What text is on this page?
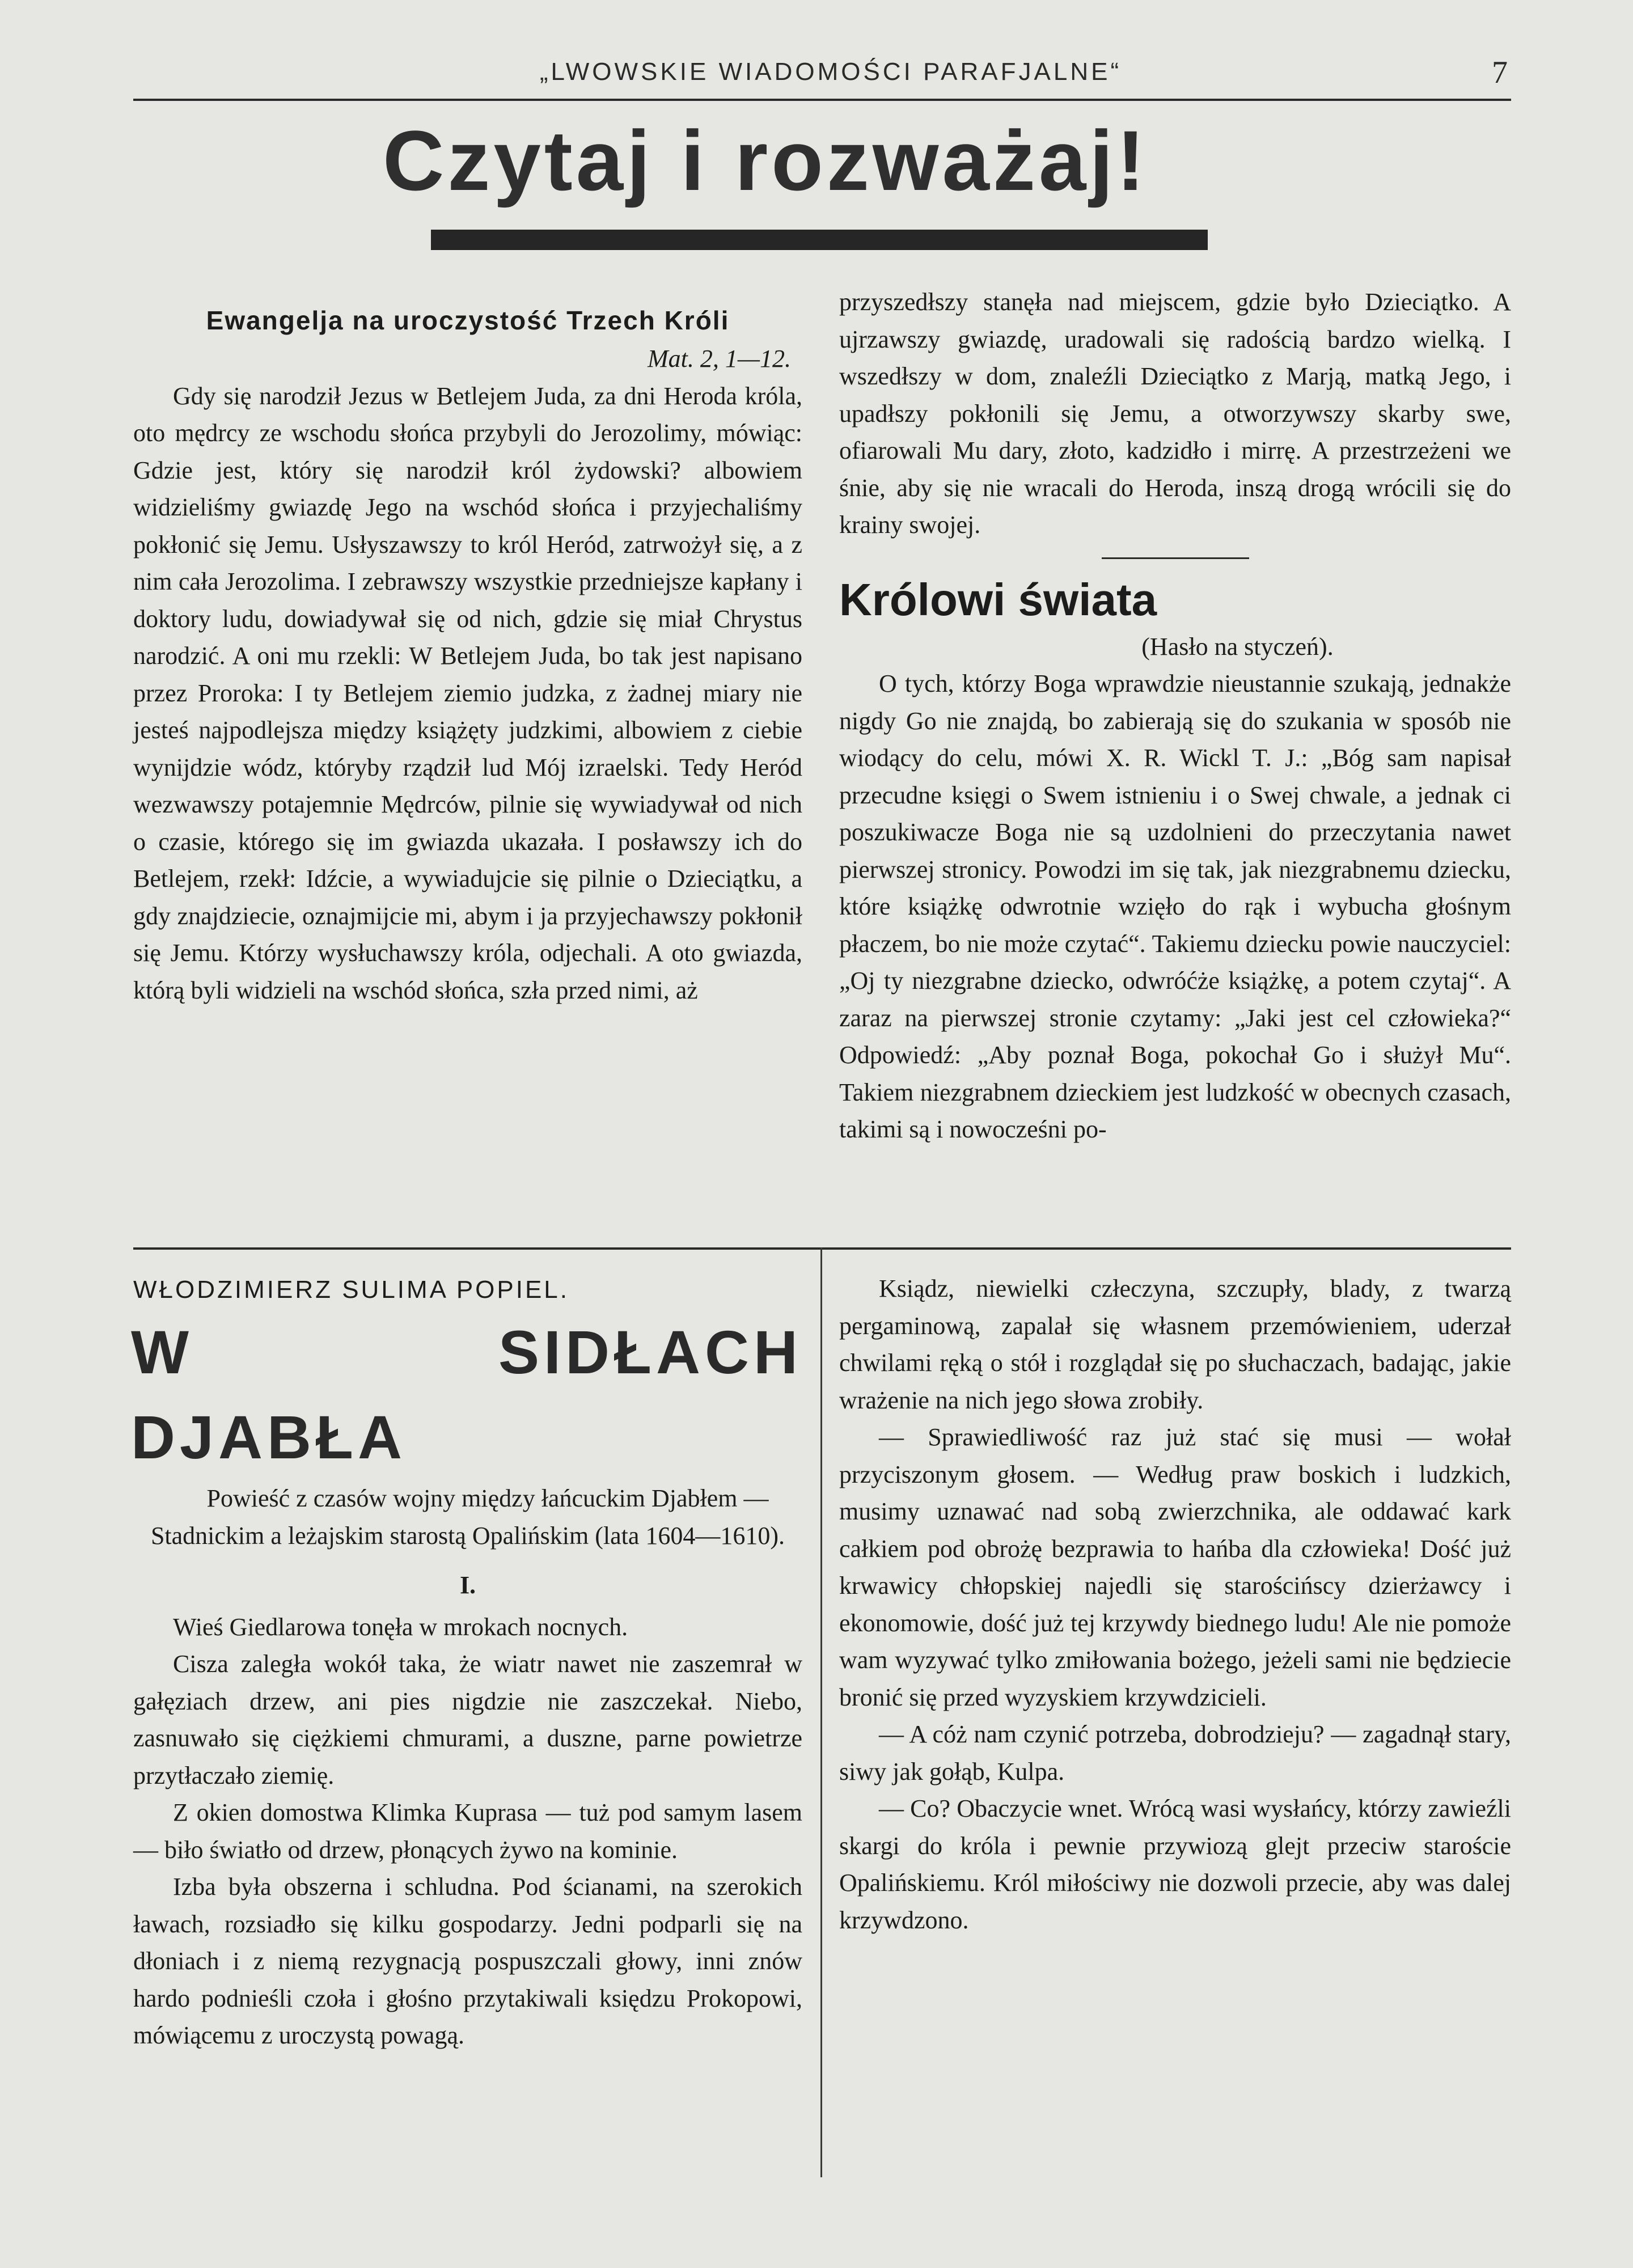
„LWOWSKIE WIADOMOŚCI PARAFJALNE“	7
Czytaj i rozważaj!
Ewangelja na uroczystość Trzech Króli
Mat. 2, 1—12.

Gdy się narodził Jezus w Betlejem Juda, za dni Heroda króla, oto mędrcy ze wschodu słońca przybyli do Jerozolimy, mówiąc: Gdzie jest, który się narodził król żydowski? albowiem widzieliśmy gwiazdę Jego na wschód słońca i przyjechaliśmy pokłonić się Jemu. Usłyszawszy to król Heród, zatrwożył się, a z nim cała Jerozolima. I zebrawszy wszystkie przedniejsze kapłany i doktory ludu, dowiadywał się od nich, gdzie się miał Chrystus narodzić. A oni mu rzekli: W Betlejem Juda, bo tak jest napisano przez Proroka: I ty Betlejem ziemio judzka, z żadnej miary nie jesteś najpodlejsza między książęty judzkimi, albowiem z ciebie wynijdzie wódz, któryby rządził lud Mój izraelski. Tedy Heród wezwawszy potajemnie Mędrców, pilnie się wywiadywał od nich o czasie, którego się im gwiazda ukazała. I posławszy ich do Betlejem, rzekł: Idźcie, a wywiadujcie się pilnie o Dzieciątku, a gdy znajdziecie, oznajmijcie mi, abym i ja przyjechawszy pokłonił się Jemu. Którzy wysłuchawszy króla, odjechali. A oto gwiazda, którą byli widzieli na wschód słońca, szła przed nimi, aż

przyszedłszy stanęła nad miejscem, gdzie było Dzieciątko. A ujrzawszy gwiazdę, uradowali się radością bardzo wielką. I wszedłszy w dom, znaleźli Dzieciątko z Marją, matką Jego, i upadłszy pokłonili się Jemu, a otworzywszy skarby swe, ofiarowali Mu dary, złoto, kadzidło i mirrę. A przestrzeżeni we śnie, aby się nie wracali do Heroda, inszą drogą wrócili się do krainy swojej.

Królowi świata
(Hasło na styczeń).

O tych, którzy Boga wprawdzie nieustannie szukają, jednakże nigdy Go nie znajdą, bo zabierają się do szukania w sposób nie wiodący do celu, mówi X. R. Wickl T. J.: „Bóg sam napisał przecudne księgi o Swem istnieniu i o Swej chwale, a jednak ci poszukiwacze Boga nie są uzdolnieni do przeczytania nawet pierwszej stronicy. Powodzi im się tak, jak niezgrabnemu dziecku, które książkę odwrotnie wzięło do rąk i wybucha głośnym płaczem, bo nie może czytać“. Takiemu dziecku powie nauczyciel: „Oj ty niezgrabne dziecko, odwróćże książkę, a potem czytaj“. A zaraz na pierwszej stronie czytamy: „Jaki jest cel człowieka?“ Odpowiedź: „Aby poznał Boga, pokochał Go i służył Mu“. Takiem niezgrabnem dzieckiem jest ludzkość w obecnych czasach, takimi są i nowocześni po-

WŁODZIMIERZ SULIMA POPIEL.
W SIDŁACH DJABŁA

Powieść z czasów wojny między łańcuckim Djabłem — Stadnickim a leżajskim starostą Opalińskim (lata 1604—1610).

I.

Wieś Giedlarowa tonęła w mrokach nocnych.

Cisza zaległa wokół taka, że wiatr nawet nie zaszemrał w gałęziach drzew, ani pies nigdzie nie zaszczekał. Niebo, zasnuwało się ciężkiemi chmurami, a duszne, parne powietrze przytłaczało ziemię.

Z okien domostwa Klimka Kuprasa — tuż pod samym lasem — biło światło od drzew, płonących żywo na kominie.

Izba była obszerna i schludna. Pod ścianami, na szerokich ławach, rozsiadło się kilku gospodarzy. Jedni podparli się na dłoniach i z niemą rezygnacją pospuszczali głowy, inni znów hardo podnieśli czoła i głośno przytakiwali księdzu Prokopowi, mówiącemu z uroczystą powagą.

Ksiądz, niewielki człeczyna, szczupły, blady, z twarzą pergaminową, zapalał się własnem przemówieniem, uderzał chwilami ręką o stół i rozglądał się po słuchaczach, badając, jakie wrażenie na nich jego słowa zrobiły.

— Sprawiedliwość raz już stać się musi — wołał przyciszonym głosem. — Według praw boskich i ludzkich, musimy uznawać nad sobą zwierzchnika, ale oddawać kark całkiem pod obrożę bezprawia to hańba dla człowieka! Dość już krwawicy chłopskiej najedli się starościńscy dzierżawcy i ekonomowie, dość już tej krzywdy biednego ludu! Ale nie pomoże wam wyzywać tylko zmiłowania bożego, jeżeli sami nie będziecie bronić się przed wyzyskiem krzywdzicieli.

— A cóż nam czynić potrzeba, dobrodzieju? — zagadnął stary, siwy jak gołąb, Kulpa.

— Co? Obaczycie wnet. Wrócą wasi wysłańcy, którzy zawieźli skargi do króla i pewnie przywiozą glejt przeciw staroście Opalińskiemu. Król miłościwy nie dozwoli przecie, aby was dalej krzywdzono.
